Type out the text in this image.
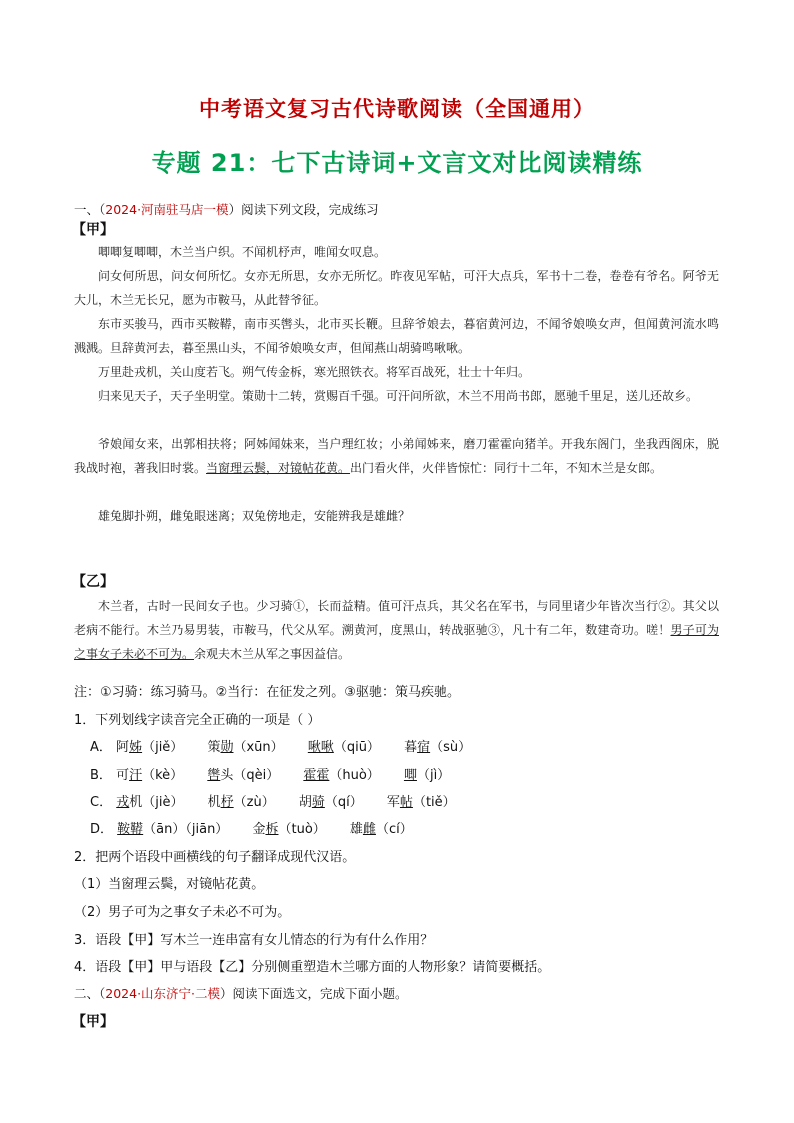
中考语文复习古代诗歌阅读（全国通用）
专题 21：七下古诗词+文言文对比阅读精练
一、（2024·河南驻马店一模）阅读下列文段，完成练习
【甲】
唧唧复唧唧，木兰当户织。不闻机杼声，唯闻女叹息。
问女何所思，问女何所忆。女亦无所思，女亦无所忆。昨夜见军帖，可汗大点兵，军书十二卷，卷卷有爷名。阿爷无大儿，木兰无长兄，愿为市鞍马，从此替爷征。
东市买骏马，西市买鞍鞯，南市买辔头，北市买长鞭。旦辞爷娘去，暮宿黄河边，不闻爷娘唤女声，但闻黄河流水鸣溅溅。旦辞黄河去，暮至黑山头，不闻爷娘唤女声，但闻燕山胡骑鸣啾啾。
万里赴戎机，关山度若飞。朔气传金柝，寒光照铁衣。将军百战死，壮士十年归。
归来见天子，天子坐明堂。策勋十二转，赏赐百千强。可汗问所欲，木兰不用尚书郎，愿驰千里足，送儿还故乡。
爷娘闻女来，出郭相扶将；阿姊闻妹来，当户理红妆；小弟闻姊来，磨刀霍霍向猪羊。开我东阁门，坐我西阁床，脱我战时袍，著我旧时裳。当窗理云鬓，对镜帖花黄。出门看火伴，火伴皆惊忙：同行十二年，不知木兰是女郎。
雄兔脚扑朔，雌兔眼迷离；双兔傍地走，安能辨我是雄雌？
【乙】
木兰者，古时一民间女子也。少习骑①，长而益精。值可汗点兵，其父名在军书，与同里诸少年皆次当行②。其父以老病不能行。木兰乃易男装，市鞍马，代父从军。溯黄河，度黑山，转战驱驰③，凡十有二年，数建奇功。嗟！男子可为之事女子未必不可为。余观夫木兰从军之事因益信。
注：①习骑：练习骑马。②当行：在征发之列。③驱驰：策马疾驰。
1．下列划线字读音完全正确的一项是（ ）
A． 阿姊（jiě） 策勋（xūn） 啾啾（qiū） 暮宿（sù）
B． 可汗（kè） 辔头（qèi） 霍霍（huò） 唧（jì）
C． 戎机（jiè） 机杼（zù） 胡骑（qí） 军帖（tiě）
D． 鞍鞯（ān）（jiān） 金柝（tuò） 雄雌（cí）
2．把两个语段中画横线的句子翻译成现代汉语。
（1）当窗理云鬓，对镜帖花黄。
（2）男子可为之事女子未必不可为。
3．语段【甲】写木兰一连串富有女儿情态的行为有什么作用？
4．语段【甲】甲与语段【乙】分别侧重塑造木兰哪方面的人物形象？请简要概括。
二、（2024·山东济宁·二模）阅读下面选文，完成下面小题。
【甲】
